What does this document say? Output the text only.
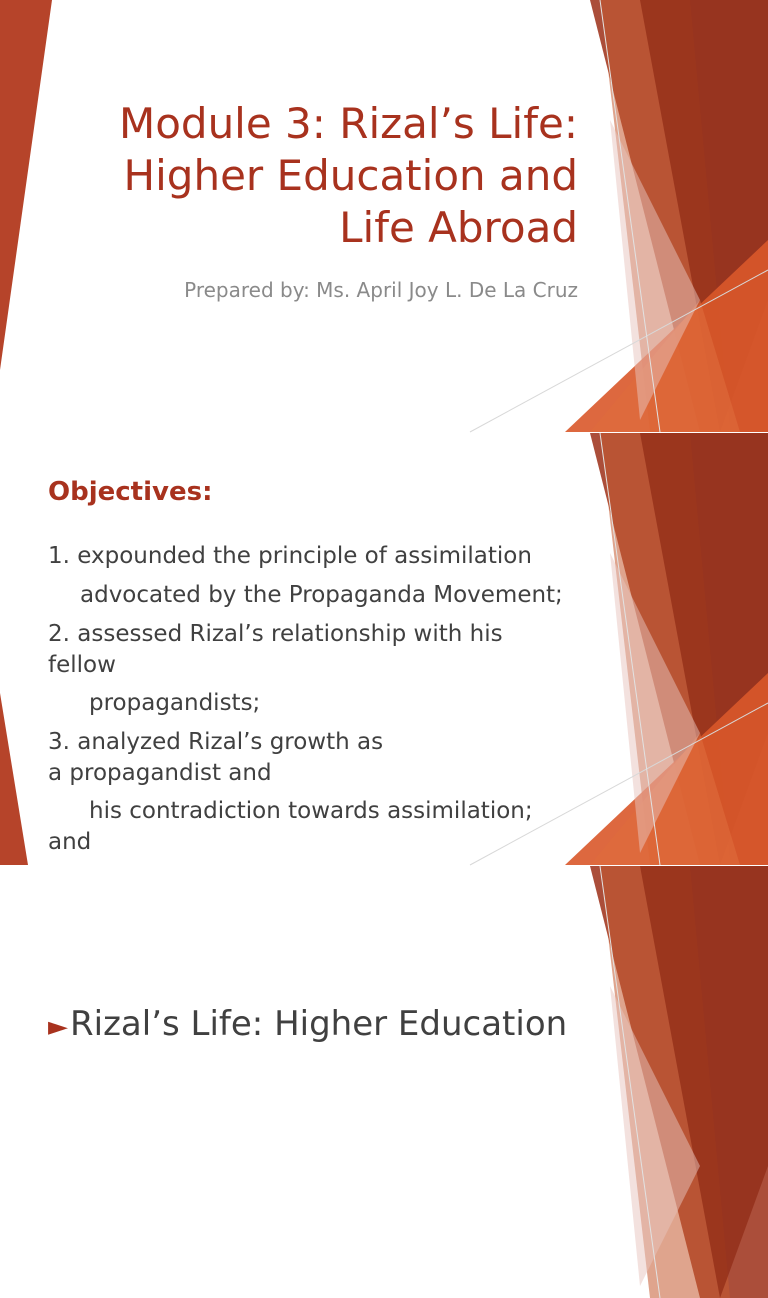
Module 3: Rizal’s Life:
Higher Education and
Life Abroad
Prepared by: Ms. April Joy L. De La Cruz
Objectives:
1. expounded the principle of assimilation
advocated by the Propaganda Movement;
2. assessed Rizal’s relationship with his
fellow
propagandists;
3. analyzed Rizal’s growth as
a propagandist and
his contradiction towards assimilation;
and
►Rizal’s Life: Higher Education
